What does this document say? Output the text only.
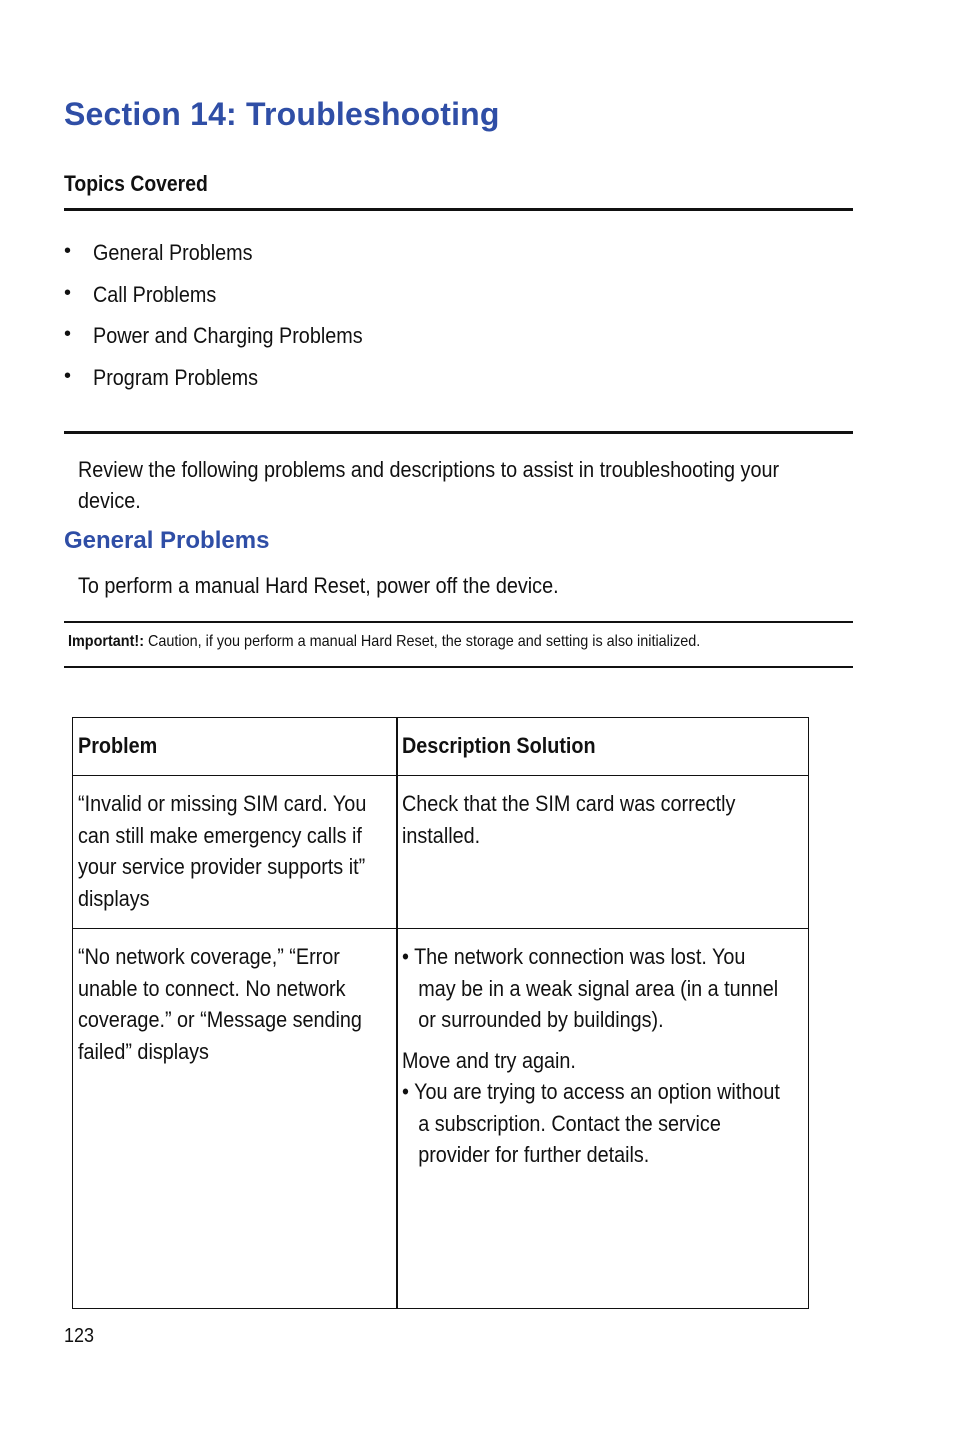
Section 14: Troubleshooting
Topics Covered
• General Problems
• Call Problems
• Power and Charging Problems
• Program Problems
Review the following problems and descriptions to assist in troubleshooting your
device.
General Problems
To perform a manual Hard Reset, power off the device.
Important!: Caution, if you perform a manual Hard Reset, the storage and setting is also initialized.
Problem	Description Solution
“Invalid or missing SIM card. You
can still make emergency calls if
your service provider supports it”
displays
Check that the SIM card was correctly
installed.
“No network coverage,” “Error
unable to connect. No network
coverage.” or “Message sending
failed” displays
• The network connection was lost. You
may be in a weak signal area (in a tunnel
or surrounded by buildings).
Move and try again.
• You are trying to access an option without
a subscription. Contact the service
provider for further details.
123
